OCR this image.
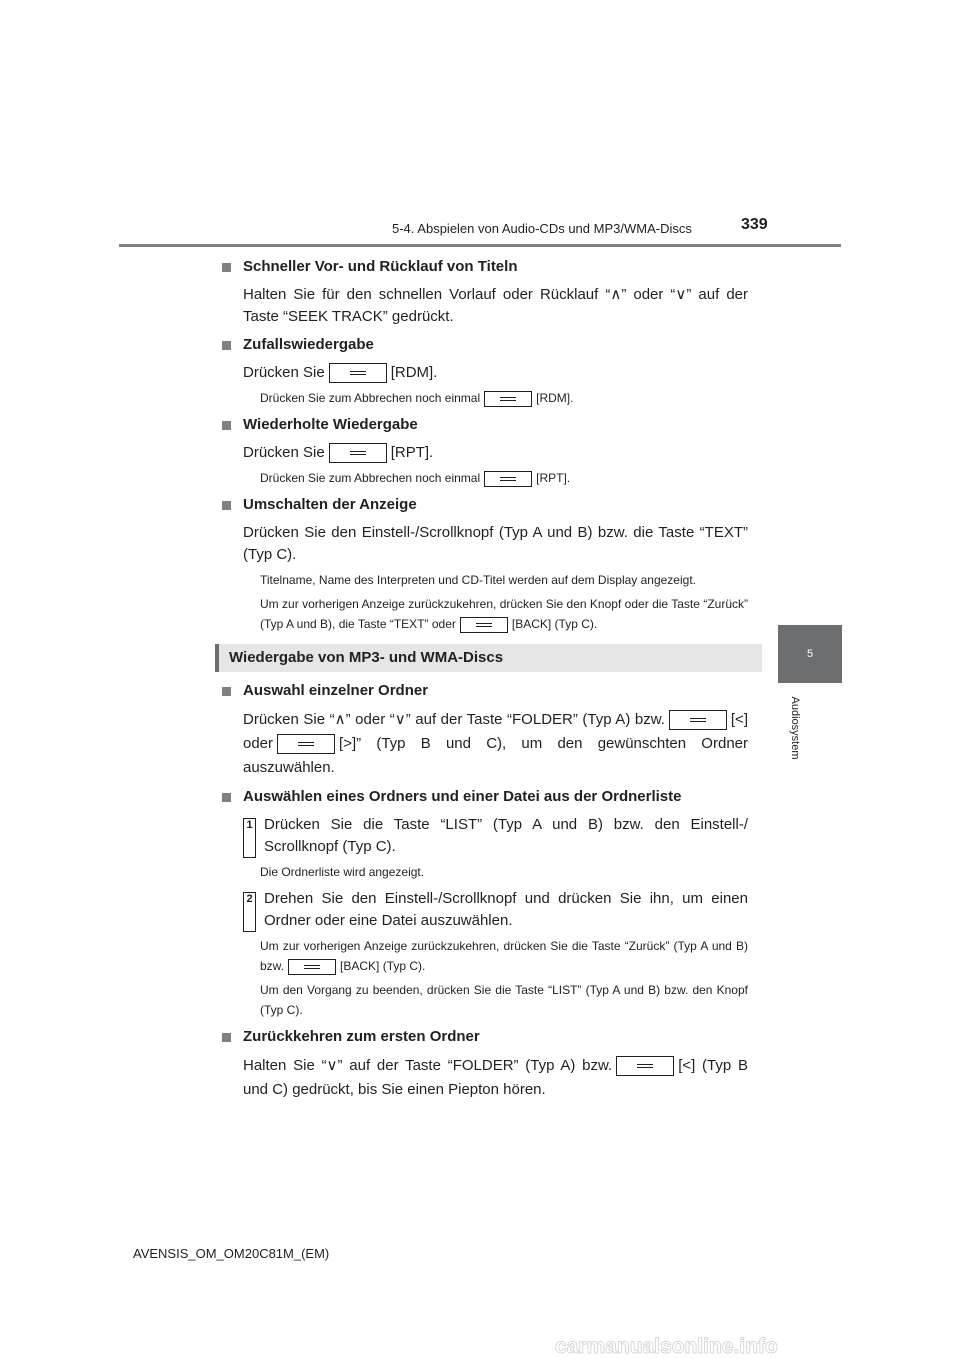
5-4. Abspielen von Audio-CDs und MP3/WMA-Discs	339
5
Audiosystem
Schneller Vor- und Rücklauf von Titeln
Halten Sie für den schnellen Vorlauf oder Rücklauf “∧” oder “∨” auf der Taste “SEEK TRACK” gedrückt.
Zufallswiedergabe
Drücken Sie	[RDM].
Drücken Sie zum Abbrechen noch einmal	[RDM].
Wiederholte Wiedergabe
Drücken Sie	[RPT].
Drücken Sie zum Abbrechen noch einmal	[RPT].
Umschalten der Anzeige
Drücken Sie den Einstell-/Scrollknopf (Typ A und B) bzw. die Taste “TEXT” (Typ C).
Titelname, Name des Interpreten und CD-Titel werden auf dem Display angezeigt.
Um zur vorherigen Anzeige zurückzukehren, drücken Sie den Knopf oder die Taste “Zurück” (Typ A und B), die Taste “TEXT” oder	[BACK] (Typ C).
Wiedergabe von MP3- und WMA-Discs
Auswahl einzelner Ordner
Drücken Sie “∧” oder “∨” auf der Taste “FOLDER” (Typ A) bzw.	[<] oder	[>]” (Typ B und C), um den gewünschten Ordner auszuwählen.
Auswählen eines Ordners und einer Datei aus der Ordnerliste
1 Drücken Sie die Taste “LIST” (Typ A und B) bzw. den Einstell-/ Scrollknopf (Typ C).
Die Ordnerliste wird angezeigt.
2 Drehen Sie den Einstell-/Scrollknopf und drücken Sie ihn, um einen Ordner oder eine Datei auszuwählen.
Um zur vorherigen Anzeige zurückzukehren, drücken Sie die Taste “Zurück” (Typ A und B) bzw.	[BACK] (Typ C).
Um den Vorgang zu beenden, drücken Sie die Taste “LIST” (Typ A und B) bzw. den Knopf (Typ C).
Zurückkehren zum ersten Ordner
Halten Sie “∨” auf der Taste “FOLDER” (Typ A) bzw.	[<] (Typ B und C) gedrückt, bis Sie einen Piepton hören.
AVENSIS_OM_OM20C81M_(EM)
carmanualsonline.info
